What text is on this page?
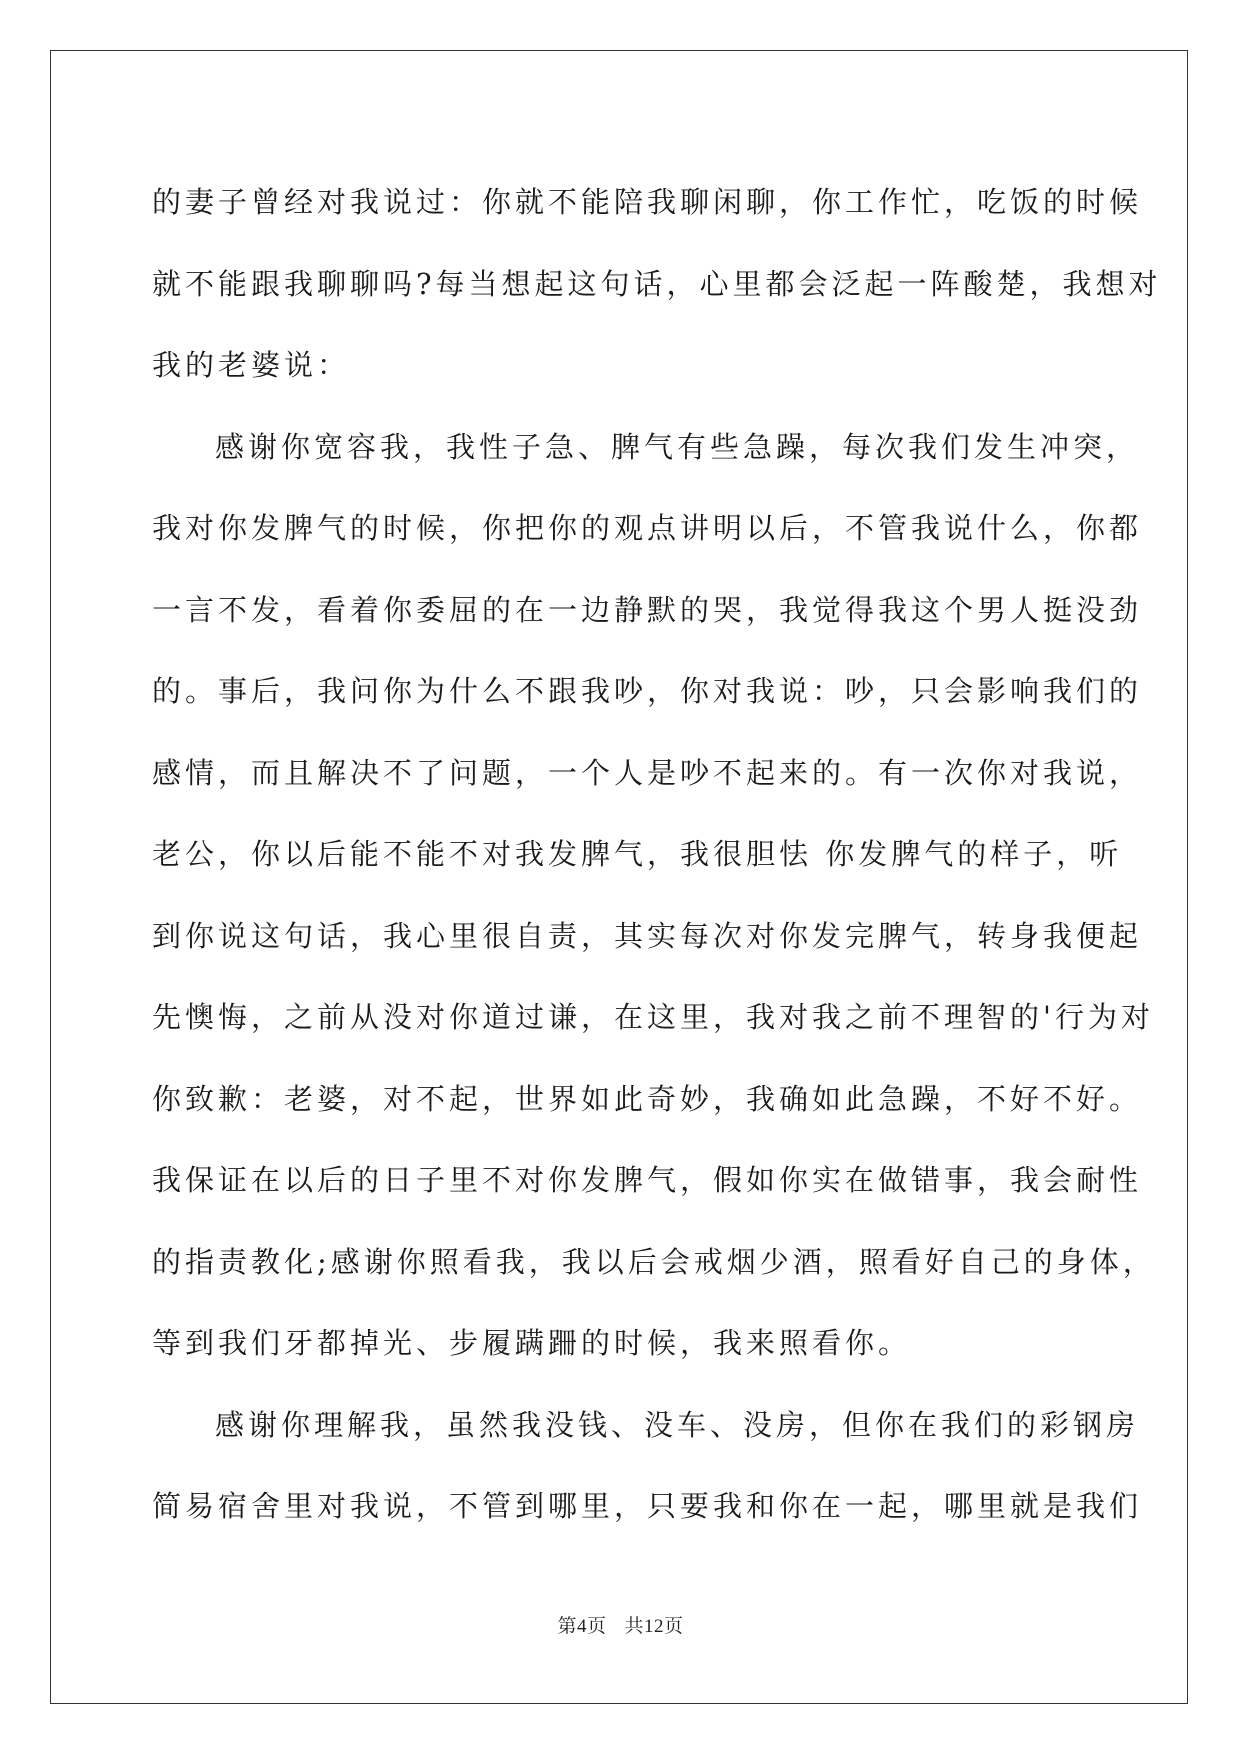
的妻子曾经对我说过：你就不能陪我聊闲聊，你工作忙，吃饭的时候
就不能跟我聊聊吗?每当想起这句话，心里都会泛起一阵酸楚，我想对
我的老婆说：

感谢你宽容我，我性子急、脾气有些急躁，每次我们发生冲突，
我对你发脾气的时候，你把你的观点讲明以后，不管我说什么，你都
一言不发，看着你委屈的在一边静默的哭，我觉得我这个男人挺没劲
的。事后，我问你为什么不跟我吵，你对我说：吵，只会影响我们的
感情，而且解决不了问题，一个人是吵不起来的。有一次你对我说，
老公，你以后能不能不对我发脾气，我很胆怯 你发脾气的样子，听
到你说这句话，我心里很自责，其实每次对你发完脾气，转身我便起
先懊悔，之前从没对你道过谦，在这里，我对我之前不理智的'行为对
你致歉：老婆，对不起，世界如此奇妙，我确如此急躁，不好不好。
我保证在以后的日子里不对你发脾气，假如你实在做错事，我会耐性
的指责教化;感谢你照看我，我以后会戒烟少酒，照看好自己的身体，
等到我们牙都掉光、步履蹒跚的时候，我来照看你。

感谢你理解我，虽然我没钱、没车、没房，但你在我们的彩钢房
简易宿舍里对我说，不管到哪里，只要我和你在一起，哪里就是我们

第4页 共12页
